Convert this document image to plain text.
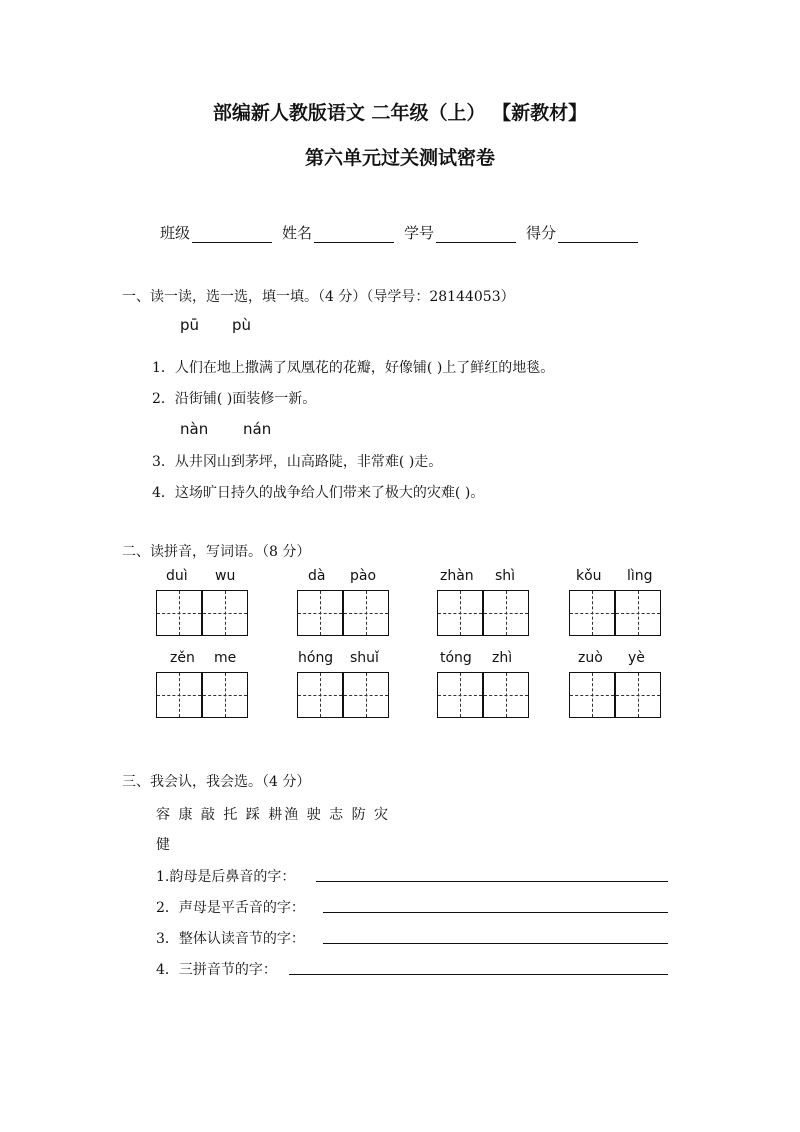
部编新人教版语文 二年级（上） 【新教材】
第六单元过关测试密卷
班级	姓名	学号	得分
一、读一读，选一选，填一填。（4 分）（导学号：28144053）
pū pù
1．人们在地上撒满了凤凰花的花瓣，好像铺( )上了鲜红的地毯。
2．沿街铺( )面装修一新。
nàn nán
3．从井冈山到茅坪，山高路陡，非常难( )走。
4．这场旷日持久的战争给人们带来了极大的灾难( )。
二、读拼音，写词语。（8 分）
duì wu	dà pào	zhàn shì	kǒu lìng
zěn me	hóng shuǐ	tóng zhì	zuò yè
三、我会认，我会选。（4 分）
容 康 敲 托 踩 耕渔 驶 志 防 灾
健
1.韵母是后鼻音的字：
2．声母是平舌音的字：
3．整体认读音节的字：
4．三拼音节的字：
